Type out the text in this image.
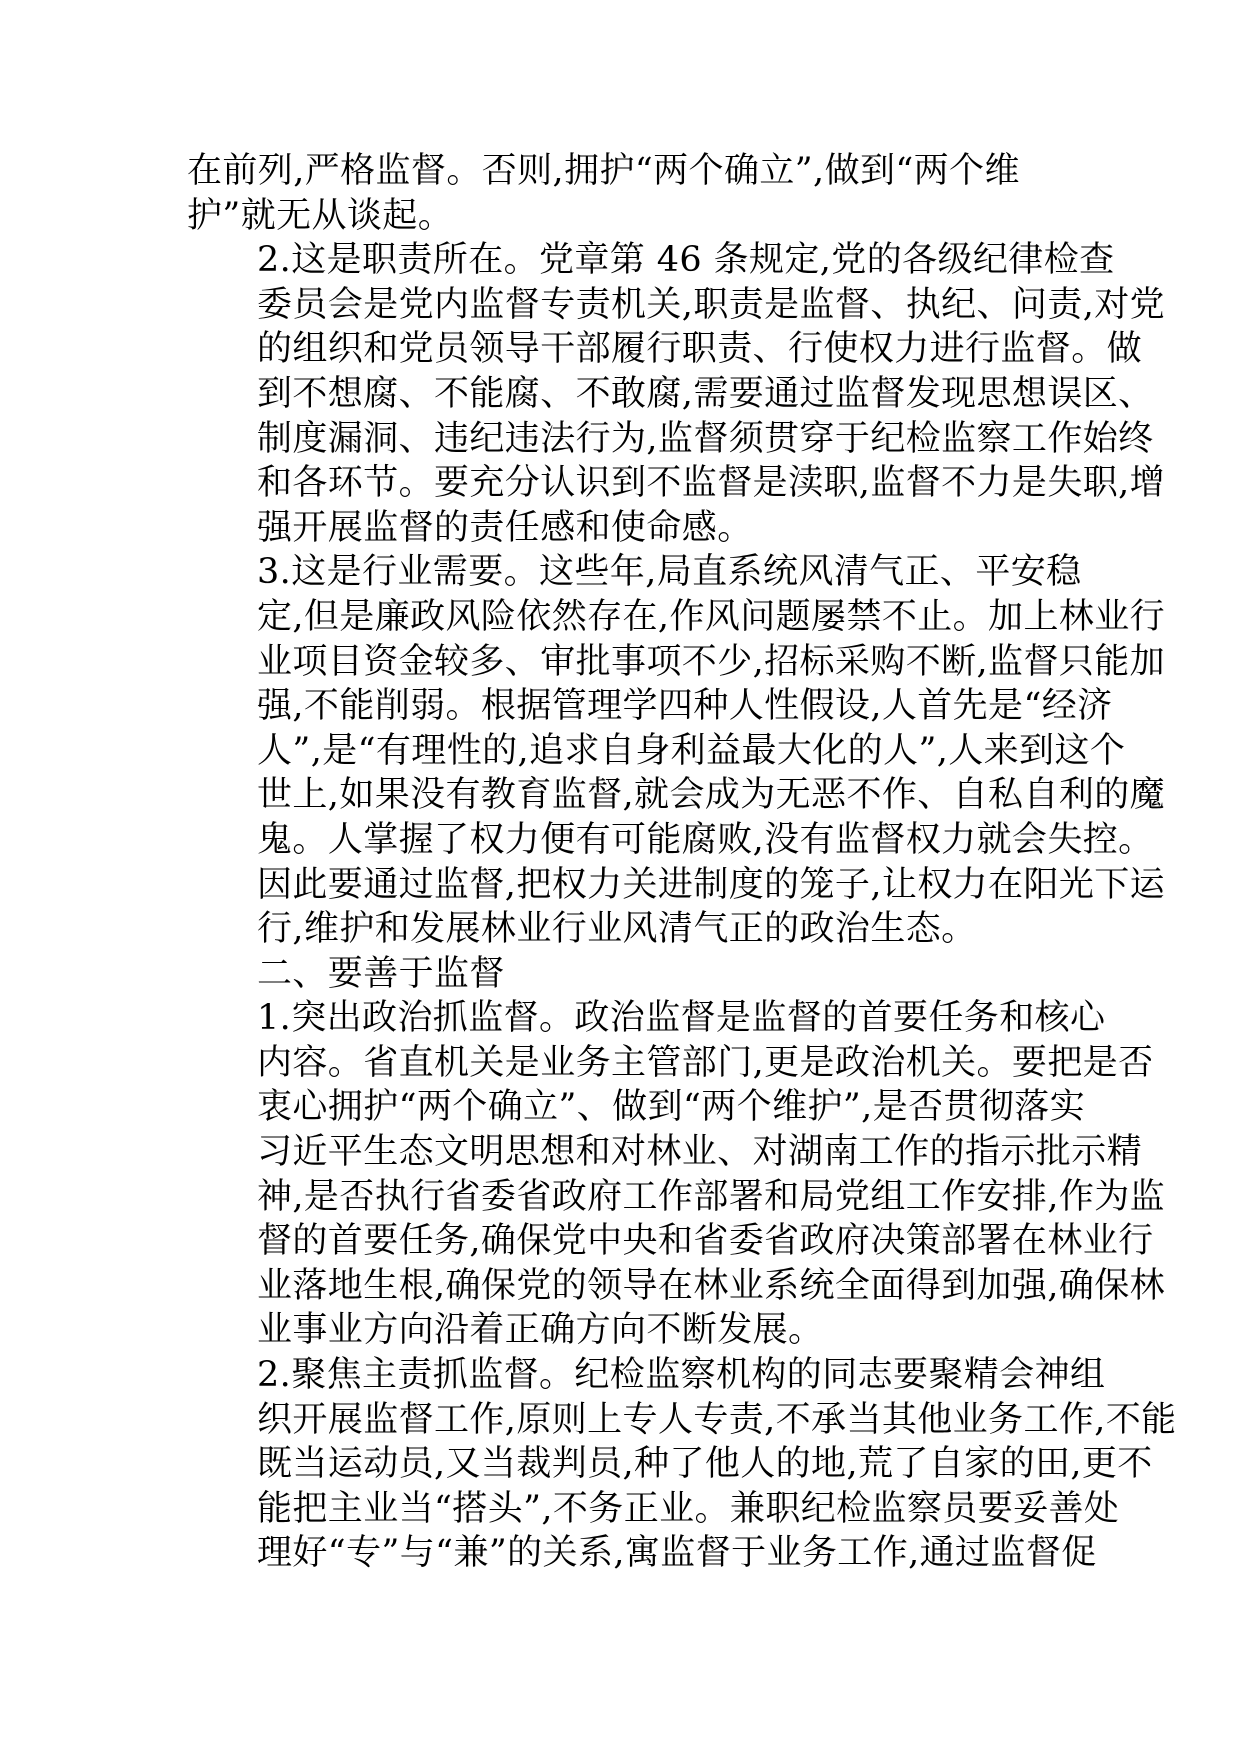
在前列,严格监督。否则,拥护“两个确立”,做到“两个维
护”就无从谈起。
2.这是职责所在。党章第 46 条规定,党的各级纪律检查
委员会是党内监督专责机关,职责是监督、执纪、问责,对党
的组织和党员领导干部履行职责、行使权力进行监督。做
到不想腐、不能腐、不敢腐,需要通过监督发现思想误区、
制度漏洞、违纪违法行为,监督须贯穿于纪检监察工作始终
和各环节。要充分认识到不监督是渎职,监督不力是失职,增
强开展监督的责任感和使命感。
3.这是行业需要。这些年,局直系统风清气正、平安稳
定,但是廉政风险依然存在,作风问题屡禁不止。加上林业行
业项目资金较多、审批事项不少,招标采购不断,监督只能加
强,不能削弱。根据管理学四种人性假设,人首先是“经济
人”,是“有理性的,追求自身利益最大化的人”,人来到这个
世上,如果没有教育监督,就会成为无恶不作、自私自利的魔
鬼。人掌握了权力便有可能腐败,没有监督权力就会失控。
因此要通过监督,把权力关进制度的笼子,让权力在阳光下运
行,维护和发展林业行业风清气正的政治生态。
二、要善于监督
1.突出政治抓监督。政治监督是监督的首要任务和核心
内容。省直机关是业务主管部门,更是政治机关。要把是否
衷心拥护“两个确立”、做到“两个维护”,是否贯彻落实
习近平生态文明思想和对林业、对湖南工作的指示批示精
神,是否执行省委省政府工作部署和局党组工作安排,作为监
督的首要任务,确保党中央和省委省政府决策部署在林业行
业落地生根,确保党的领导在林业系统全面得到加强,确保林
业事业方向沿着正确方向不断发展。
2.聚焦主责抓监督。纪检监察机构的同志要聚精会神组
织开展监督工作,原则上专人专责,不承当其他业务工作,不能
既当运动员,又当裁判员,种了他人的地,荒了自家的田,更不
能把主业当“搭头”,不务正业。兼职纪检监察员要妥善处
理好“专”与“兼”的关系,寓监督于业务工作,通过监督促
